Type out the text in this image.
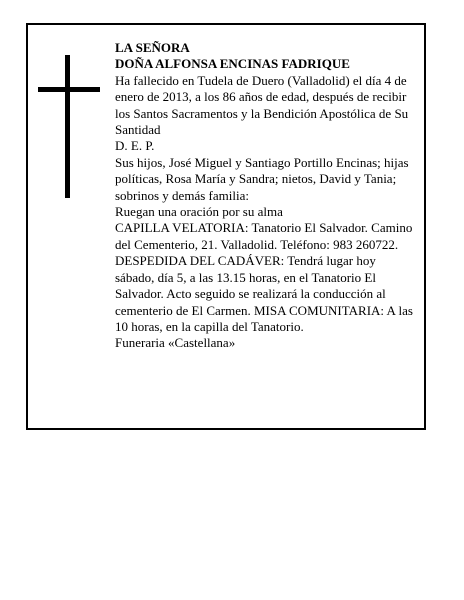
LA SEÑORA

DOÑA ALFONSA ENCINAS FADRIQUE

Ha fallecido en Tudela de Duero (Valladolid) el día 4 de enero de 2013, a los 86 años de edad, después de recibir los Santos Sacramentos y la Bendición Apostólica de Su Santidad

D. E. P.

Sus hijos, José Miguel y Santiago Portillo Encinas; hijas políticas, Rosa María y Sandra; nietos, David y Tania; sobrinos y demás familia:

Ruegan una oración por su alma

CAPILLA VELATORIA: Tanatorio El Salvador. Camino del Cementerio, 21. Valladolid. Teléfono: 983 260722.

DESPEDIDA DEL CADÁVER: Tendrá lugar hoy sábado, día 5, a las 13.15 horas, en el Tanatorio El Salvador. Acto seguido se realizará la conducción al cementerio de El Carmen. MISA COMUNITARIA: A las 10 horas, en la capilla del Tanatorio.

Funeraria «Castellana»
